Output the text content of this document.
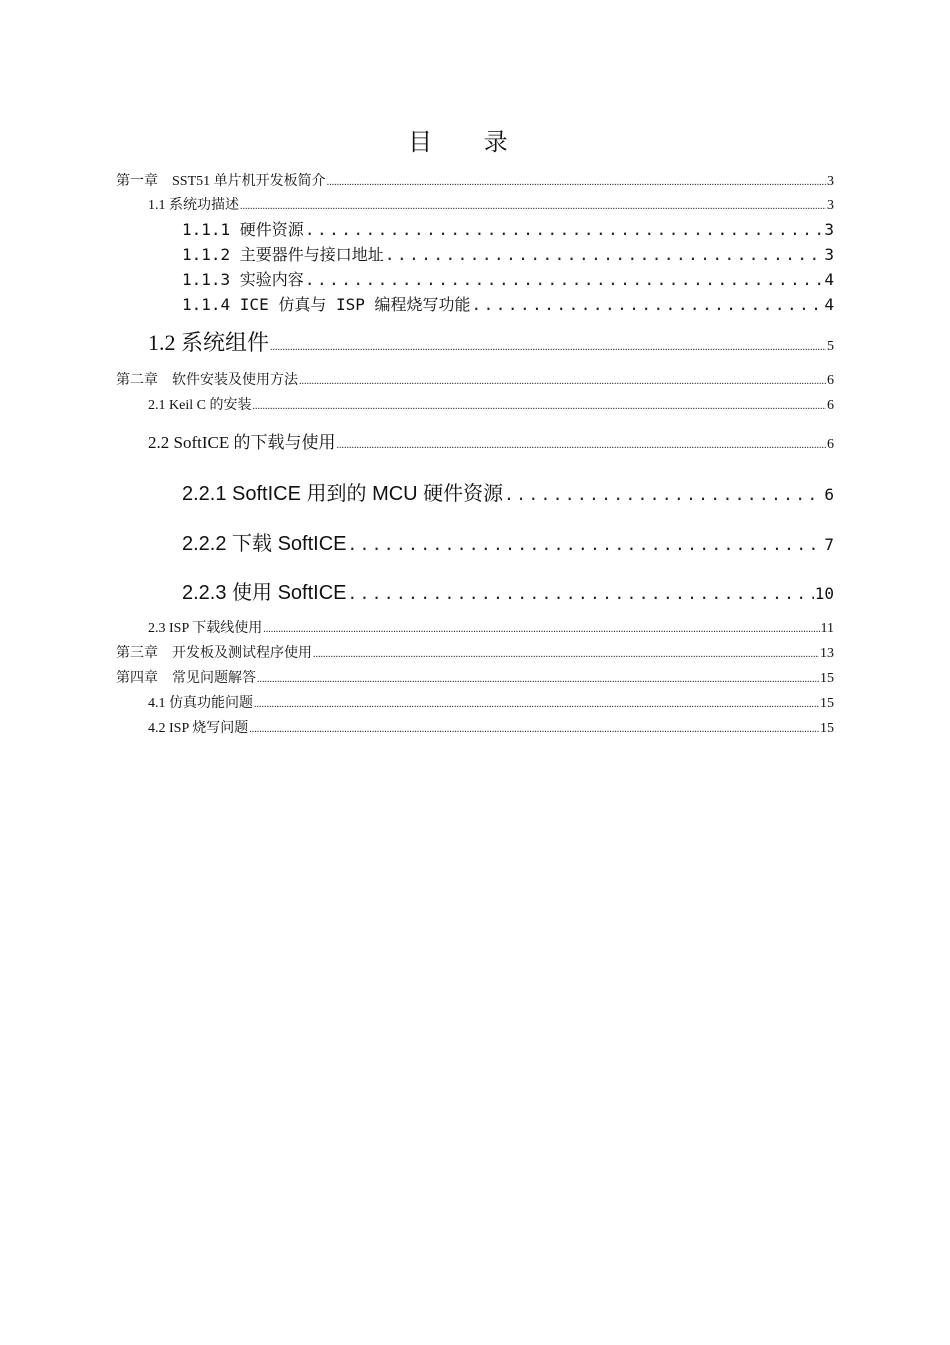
目 录
第一章　SST51 单片机开发板简介 .....	3
1.1 系统功描述 .....	3
1.1.1 硬件资源 .....	3
1.1.2 主要器件与接口地址 .....	3
1.1.3 实验内容 .....	4
1.1.4 ICE 仿真与 ISP 编程烧写功能 .....	4
1.2 系统组件 .....	5
第二章　软件安装及使用方法 .....	6
2.1 Keil C 的安装 .....	6
2.2 SoftICE 的下载与使用 .....	6
2.2.1 SoftICE 用到的 MCU 硬件资源 .....	6
2.2.2 下载 SoftICE .....	7
2.2.3 使用 SoftICE .....	10
2.3 ISP 下载线使用 .....	11
第三章　开发板及测试程序使用 .....	13
第四章　常见问题解答 .....	15
4.1 仿真功能问题 .....	15
4.2 ISP 烧写问题 .....	15
